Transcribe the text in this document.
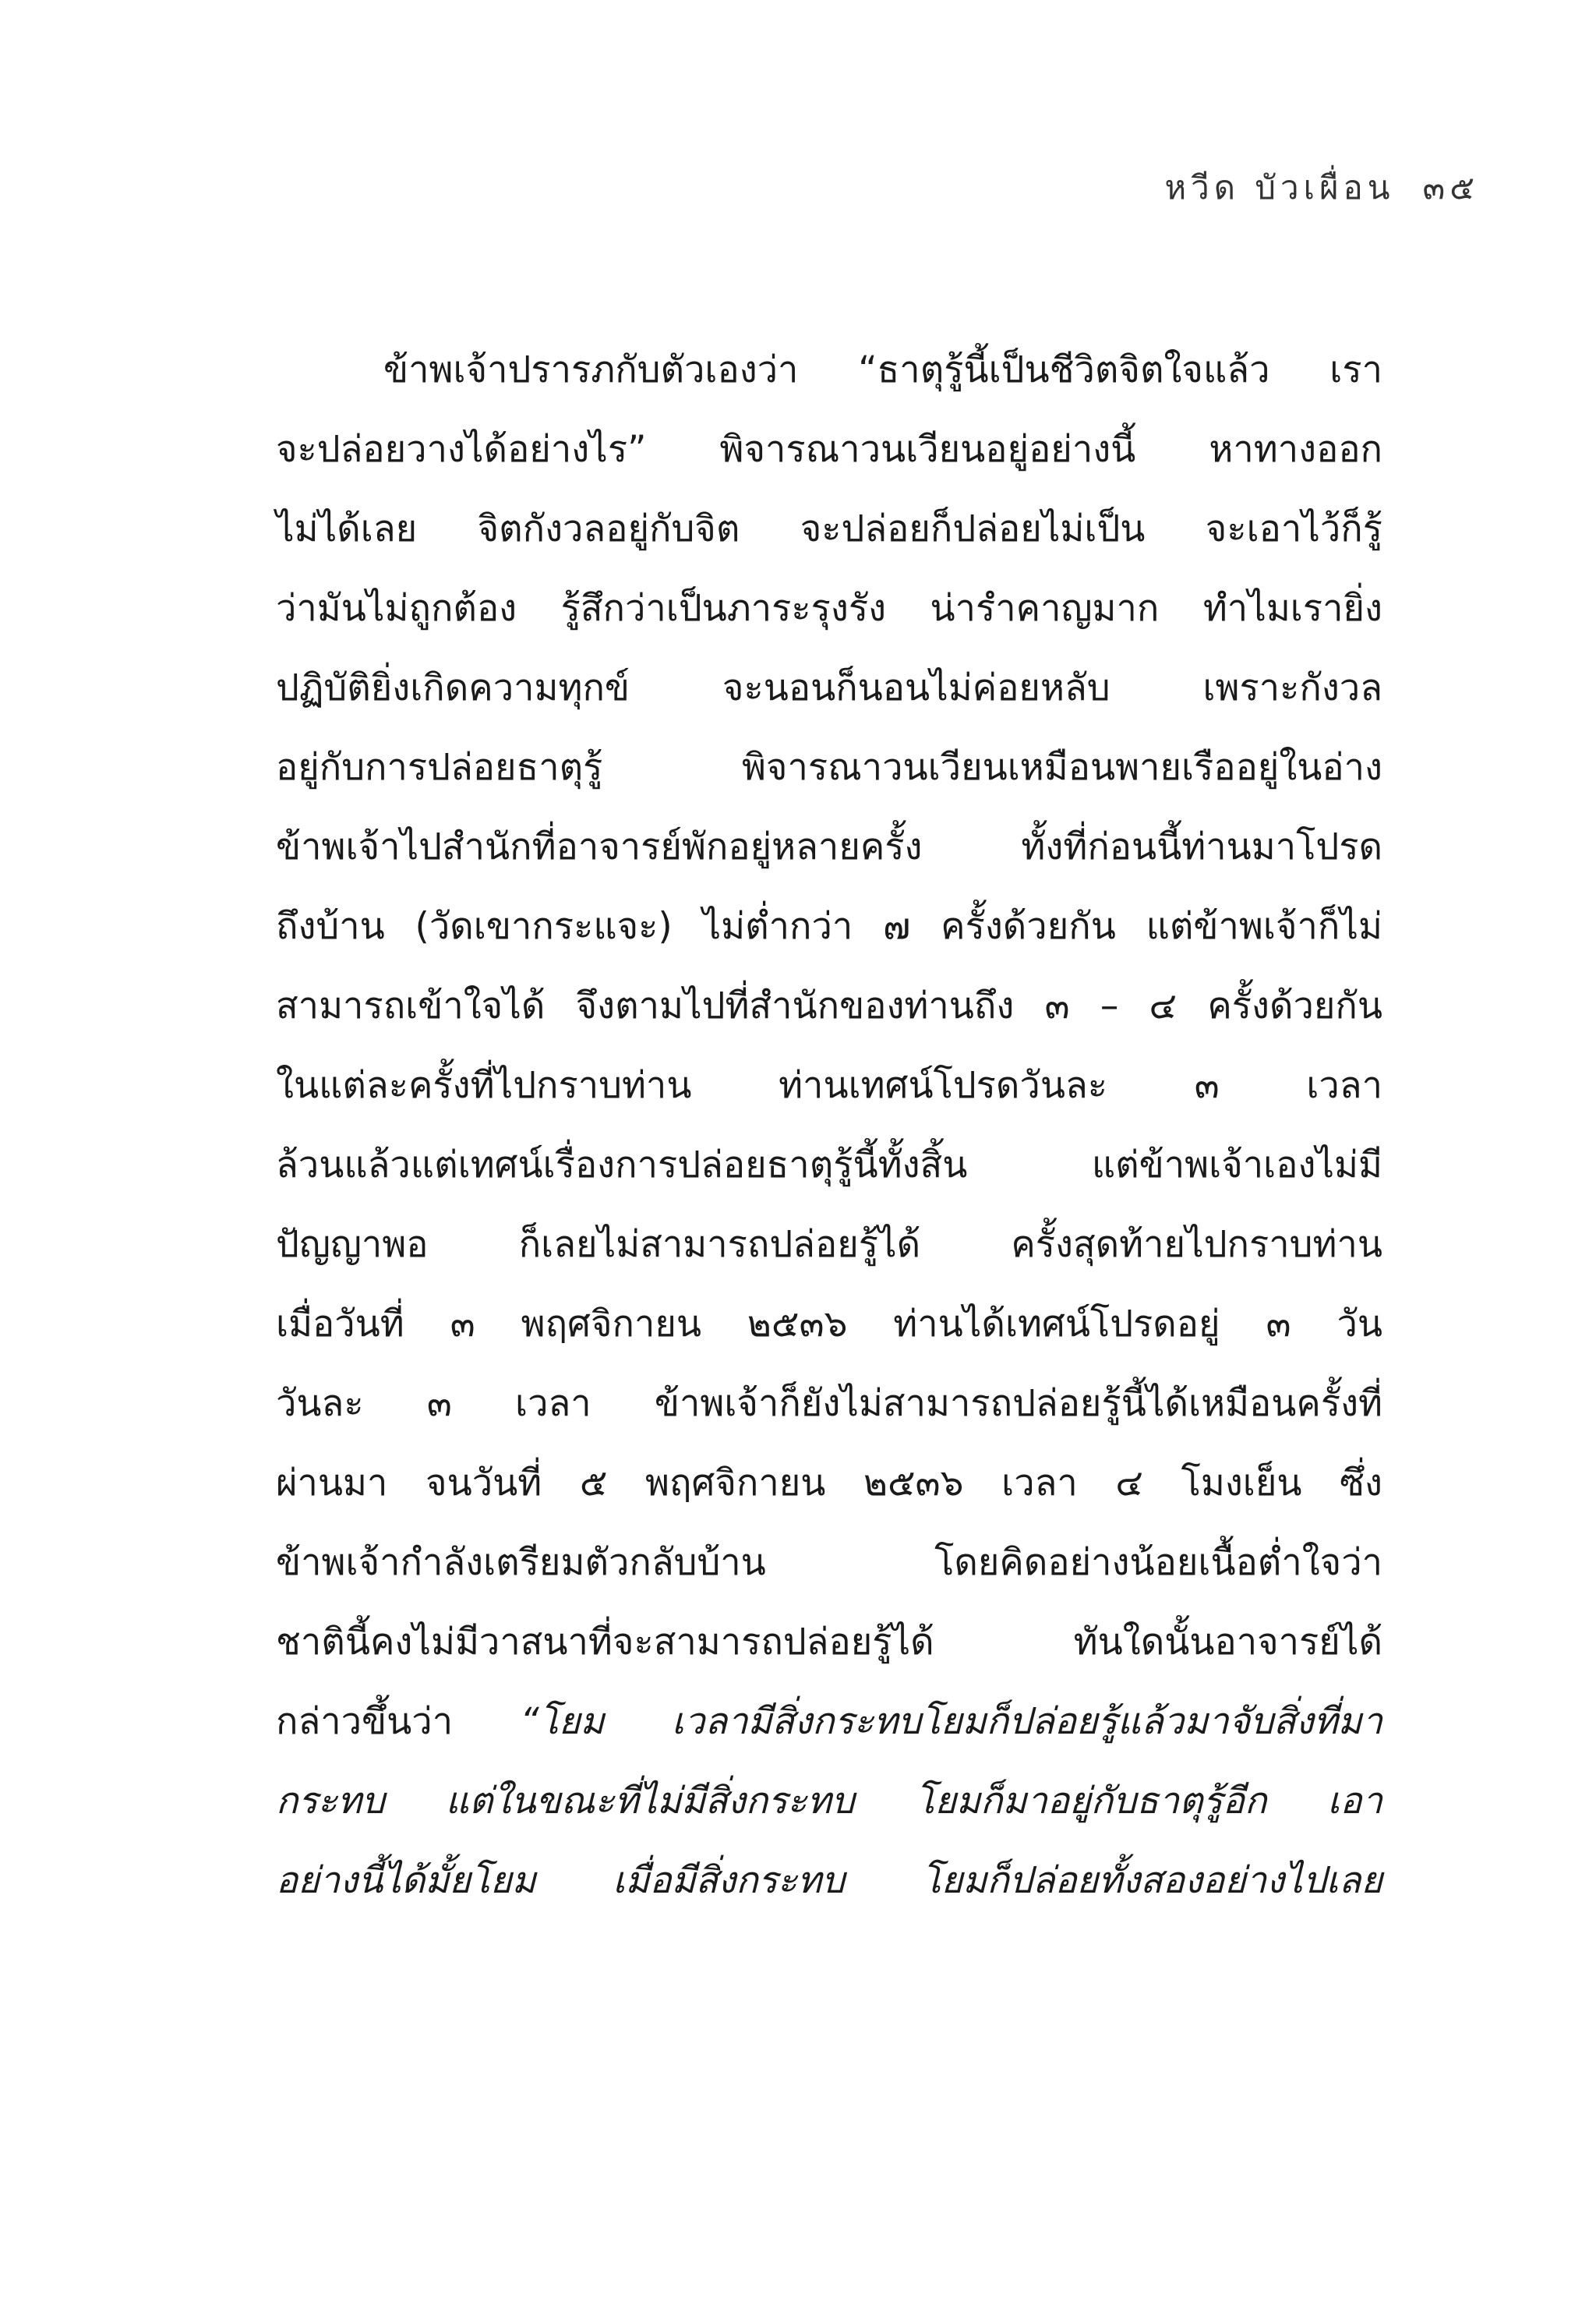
หวีด บัวเผื่อน ๓๕
ข้าพเจ้าปรารภกับตัวเองว่า “ธาตุรู้นี้เป็นชีวิตจิตใจแล้ว เรา
จะปล่อยวางได้อย่างไร” พิจารณาวนเวียนอยู่อย่างนี้ หาทางออก
ไม่ได้เลย จิตกังวลอยู่กับจิต จะปล่อยก็ปล่อยไม่เป็น จะเอาไว้ก็รู้
ว่ามันไม่ถูกต้อง รู้สึกว่าเป็นภาระรุงรัง น่ารำคาญมาก ทำไมเรายิ่ง
ปฏิบัติยิ่งเกิดความทุกข์ จะนอนก็นอนไม่ค่อยหลับ เพราะกังวล
อยู่กับการปล่อยธาตุรู้ พิจารณาวนเวียนเหมือนพายเรืออยู่ในอ่าง
ข้าพเจ้าไปสำนักที่อาจารย์พักอยู่หลายครั้ง ทั้งที่ก่อนนี้ท่านมาโปรด
ถึงบ้าน (วัดเขากระแจะ) ไม่ต่ำกว่า ๗ ครั้งด้วยกัน แต่ข้าพเจ้าก็ไม่
สามารถเข้าใจได้ จึงตามไปที่สำนักของท่านถึง ๓ – ๔ ครั้งด้วยกัน
ในแต่ละครั้งที่ไปกราบท่าน ท่านเทศน์โปรดวันละ ๓ เวลา
ล้วนแล้วแต่เทศน์เรื่องการปล่อยธาตุรู้นี้ทั้งสิ้น แต่ข้าพเจ้าเองไม่มี
ปัญญาพอ ก็เลยไม่สามารถปล่อยรู้ได้ ครั้งสุดท้ายไปกราบท่าน
เมื่อวันที่ ๓ พฤศจิกายน ๒๕๓๖ ท่านได้เทศน์โปรดอยู่ ๓ วัน
วันละ ๓ เวลา ข้าพเจ้าก็ยังไม่สามารถปล่อยรู้นี้ได้เหมือนครั้งที่
ผ่านมา จนวันที่ ๕ พฤศจิกายน ๒๕๓๖ เวลา ๔ โมงเย็น ซึ่ง
ข้าพเจ้ากำลังเตรียมตัวกลับบ้าน โดยคิดอย่างน้อยเนื้อต่ำใจว่า
ชาตินี้คงไม่มีวาสนาที่จะสามารถปล่อยรู้ได้ ทันใดนั้นอาจารย์ได้
กล่าวขึ้นว่า “โยม เวลามีสิ่งกระทบโยมก็ปล่อยรู้แล้วมาจับสิ่งที่มา
กระทบ แต่ในขณะที่ไม่มีสิ่งกระทบ โยมก็มาอยู่กับธาตุรู้อีก เอา
อย่างนี้ได้มั้ยโยม เมื่อมีสิ่งกระทบ โยมก็ปล่อยทั้งสองอย่างไปเลย
